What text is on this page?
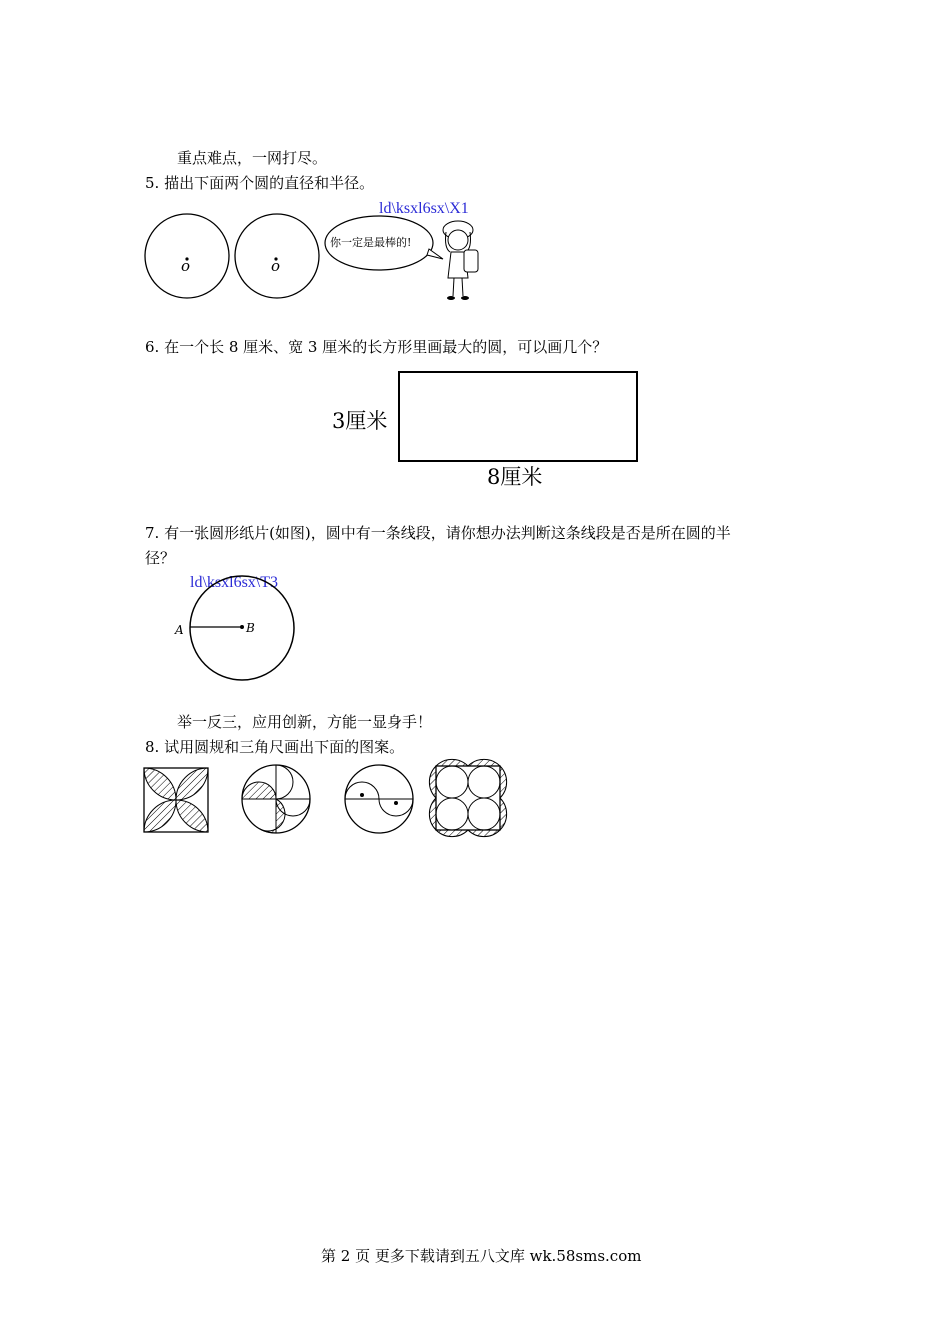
重点难点，一网打尽。
5. 描出下面两个圆的直径和半径。
ld\ksxl6sx\X1
o	o
你一定是最棒的!
6. 在一个长 8 厘米、宽 3 厘米的长方形里画最大的圆，可以画几个？
3厘米
8厘米
7. 有一张圆形纸片(如图)，圆中有一条线段，请你想办法判断这条线段是否是所在圆的半
径？
ld\ksxl6sx\T3
A	B
举一反三，应用创新，方能一显身手！
8. 试用圆规和三角尺画出下面的图案。
第 2 页 更多下载请到五八文库 wk.58sms.com
